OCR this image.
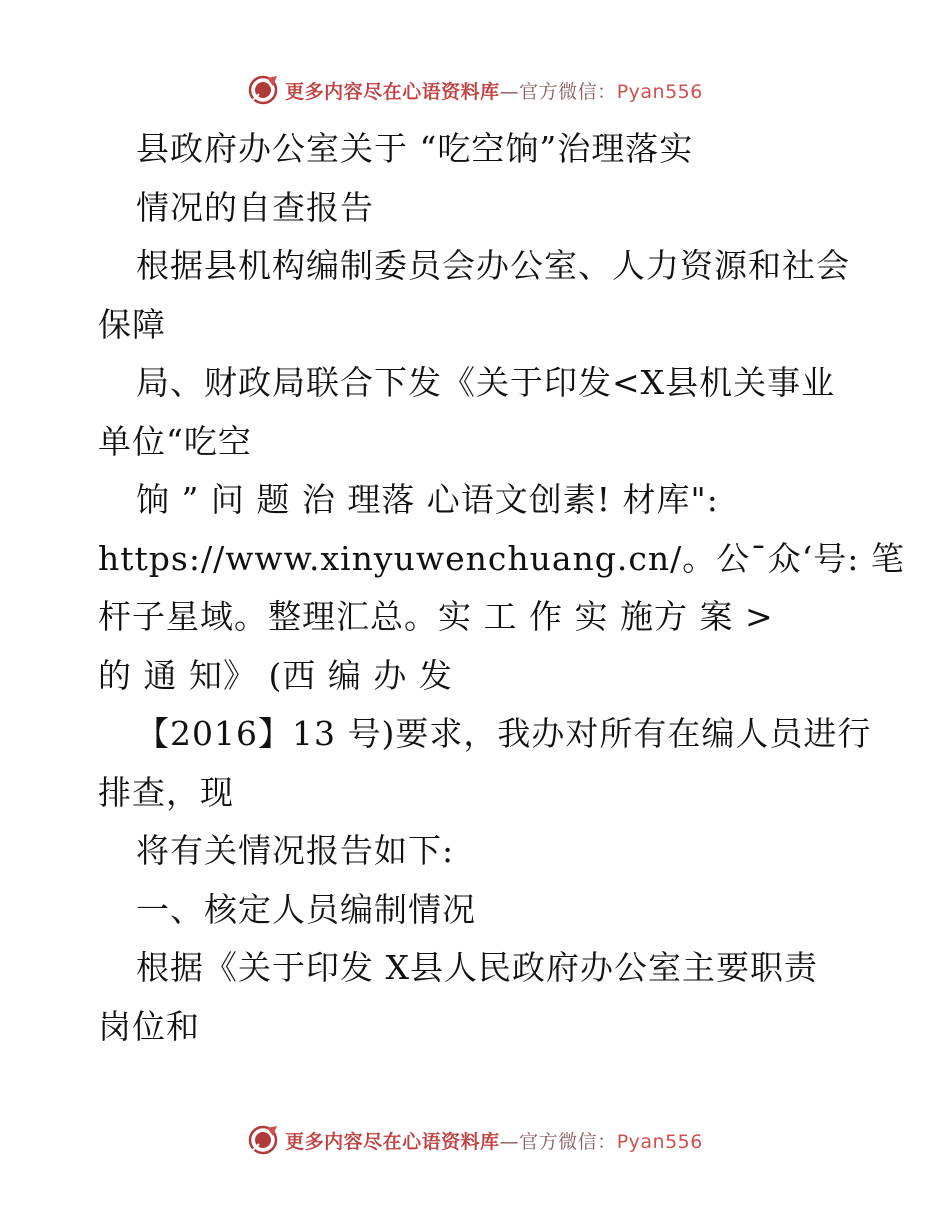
更多内容尽在心语资料库—官方微信：Pyan556
县政府办公室关于 “吃空饷”治理落实
情况的自查报告
根据县机构编制委员会办公室、人力资源和社会
保障
局、财政局联合下发《关于印发<X县机关事业
单位“吃空
饷 ” 问 题 治 理落 心语文创素! 材库":
https://www.xinyuwenchuang.cn/。公¯众‘号: 笔
杆子星域。整理汇总。实 工 作 实 施方 案 >
的 通 知》 (西 编 办 发
【2016】13 号)要求，我办对所有在编人员进行
排查，现
将有关情况报告如下:
一、核定人员编制情况
根据《关于印发 X县人民政府办公室主要职责
岗位和
更多内容尽在心语资料库—官方微信：Pyan556
